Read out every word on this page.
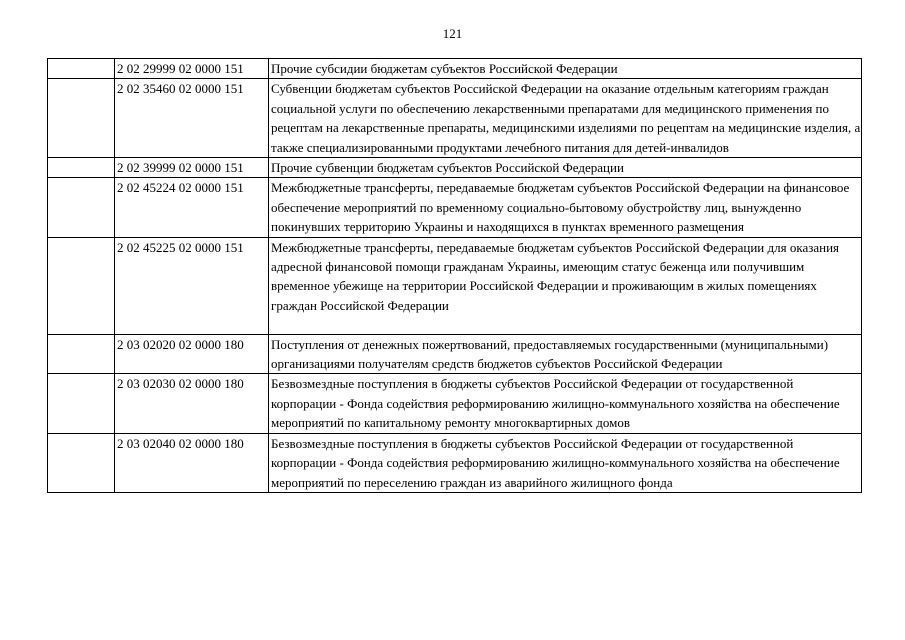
121
	2 02 29999 02 0000 151	Прочие субсидии бюджетам субъектов Российской Федерации
	2 02 35460 02 0000 151	Субвенции бюджетам субъектов Российской Федерации на оказание отдельным категориям граждан социальной услуги по обеспечению лекарственными препаратами для медицинского применения по рецептам на лекарственные препараты, медицинскими изделиями по рецептам на медицинские изделия, а также специализированными продуктами лечебного питания для детей-инвалидов
	2 02 39999 02 0000 151	Прочие субвенции бюджетам субъектов Российской Федерации
	2 02 45224 02 0000 151	Межбюджетные трансферты, передаваемые бюджетам субъектов Российской Федерации на финансовое обеспечение мероприятий по временному социально-бытовому обустройству лиц, вынужденно покинувших территорию Украины и находящихся в пунктах временного размещения
	2 02 45225 02 0000 151	Межбюджетные трансферты, передаваемые бюджетам субъектов Российской Федерации для оказания адресной финансовой помощи гражданам Украины, имеющим статус беженца или получившим временное убежище на территории Российской Федерации и проживающим в жилых помещениях граждан Российской Федерации
	2 03 02020 02 0000 180	Поступления от денежных пожертвований, предоставляемых государственными (муниципальными) организациями получателям средств бюджетов субъектов Российской Федерации
	2 03 02030 02 0000 180	Безвозмездные поступления в бюджеты субъектов Российской Федерации от государственной корпорации - Фонда содействия реформированию жилищно-коммунального хозяйства на обеспечение мероприятий по капитальному ремонту многоквартирных домов
	2 03 02040 02 0000 180	Безвозмездные поступления в бюджеты субъектов Российской Федерации от государственной корпорации - Фонда содействия реформированию жилищно-коммунального хозяйства на обеспечение мероприятий по переселению граждан из аварийного жилищного фонда
